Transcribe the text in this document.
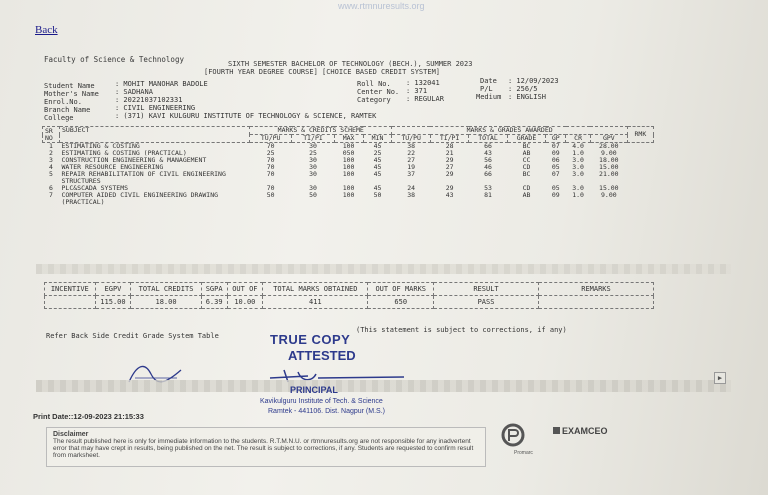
www.rtmnuresults.org
Back
Faculty of Science & Technology	SIXTH SEMESTER BACHELOR OF TECHNOLOGY (BECH.), SUMMER 2023
[FOURTH YEAR DEGREE COURSE] [CHOICE BASED CREDIT SYSTEM]
Student Name	: MOHIT MANOHAR BADOLE
Mother's Name : SADHANA
Enrol.No.	: 20221037102331
Branch Name	: CIVIL ENGINEERING
College	: (371) KAVI KULGURU INSTITUTE OF TECHNOLOGY & SCIENCE, RAMTEK
Roll No. : 132041
Center No. : 371
Category : REGULAR
Date : 12/09/2023
P/L : 256/5
Medium : ENGLISH
SR NO	SUBJECT	MARKS & CREDITS SCHEME				MARKS & GRADES AWARDED							RMK
		TU/PU	TI/PI	MAX	MIN	TU/PU	TI/PI	TOTAL	GRADE	GP	CR	GPV	
1	ESTIMATING & COSTING	70	30	100	45	38	28	66	BC	07	4.0	28.00	
2	ESTIMATING & COSTING (PRACTICAL)	25	25	050	25	22	21	43	AB	09	1.0	9.00	
3	CONSTRUCTION ENGINEERING & MANAGEMENT	70	30	100	45	27	29	56	CC	06	3.0	18.00	
4	WATER RESOURCE ENGINEERING	70	30	100	45	19	27	46	CD	05	3.0	15.00	
5	REPAIR REHABILITATION OF CIVIL ENGINEERING STRUCTURES	70	30	100	45	37	29	66	BC	07	3.0	21.00	
6	PLC&SCADA SYSTEMS	70	30	100	45	24	29	53	CD	05	3.0	15.00	
7	COMPUTER AIDED CIVIL ENGINEERING DRAWING (PRACTICAL)	50	50	100	50	38	43	81	AB	09	1.0	9.00	
INCENTIVE	EGPV	TOTAL CREDITS	SGPA	OUT OF	TOTAL MARKS OBTAINED	OUT OF MARKS	RESULT	REMARKS
	115.00	18.00	6.39	10.00	411	650	PASS	
Refer Back Side Credit Grade System Table
(This statement is subject to corrections, if any)
TRUE COPY
ATTESTED
▶
PRINCIPAL
Kavikulguru Institute of Tech. & Science
Ramtek - 441106. Dist. Nagpur (M.S.)
Print Date::12-09-2023 21:15:33
Disclaimer
The result published here is only for immediate information to the students. R.T.M.N.U. or rtmnuresults.org are not responsible for any inadvertent error that may have crept in results, being published on the net. The result is subject to corrections, if any. Students are requested to confirm result from marksheet.	Promarc
EXAMCEO
